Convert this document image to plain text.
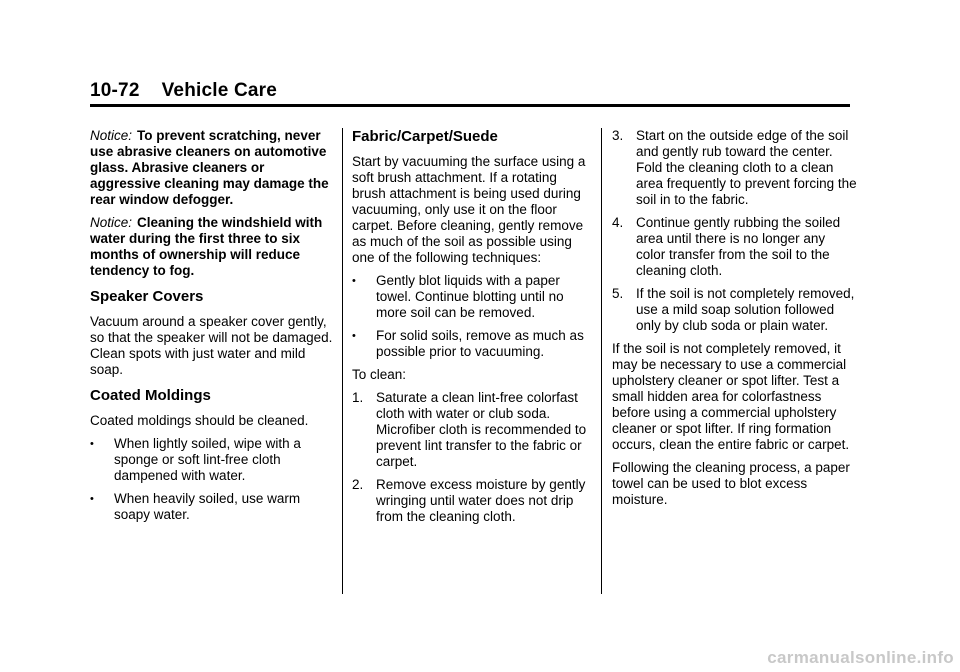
10-72 Vehicle Care

Notice: To prevent scratching, never use abrasive cleaners on automotive glass. Abrasive cleaners or aggressive cleaning may damage the rear window defogger.

Notice: Cleaning the windshield with water during the first three to six months of ownership will reduce tendency to fog.

Speaker Covers

Vacuum around a speaker cover gently, so that the speaker will not be damaged. Clean spots with just water and mild soap.

Coated Moldings

Coated moldings should be cleaned.

• When lightly soiled, wipe with a sponge or soft lint-free cloth dampened with water.
• When heavily soiled, use warm soapy water.
Fabric/Carpet/Suede

Start by vacuuming the surface using a soft brush attachment. If a rotating brush attachment is being used during vacuuming, only use it on the floor carpet. Before cleaning, gently remove as much of the soil as possible using one of the following techniques:

• Gently blot liquids with a paper towel. Continue blotting until no more soil can be removed.
• For solid soils, remove as much as possible prior to vacuuming.

To clean:

1. Saturate a clean lint-free colorfast cloth with water or club soda. Microfiber cloth is recommended to prevent lint transfer to the fabric or carpet.
2. Remove excess moisture by gently wringing until water does not drip from the cleaning cloth.
3. Start on the outside edge of the soil and gently rub toward the center. Fold the cleaning cloth to a clean area frequently to prevent forcing the soil in to the fabric.
4. Continue gently rubbing the soiled area until there is no longer any color transfer from the soil to the cleaning cloth.
5. If the soil is not completely removed, use a mild soap solution followed only by club soda or plain water.

If the soil is not completely removed, it may be necessary to use a commercial upholstery cleaner or spot lifter. Test a small hidden area for colorfastness before using a commercial upholstery cleaner or spot lifter. If ring formation occurs, clean the entire fabric or carpet.

Following the cleaning process, a paper towel can be used to blot excess moisture.

carmanualsonline.info
